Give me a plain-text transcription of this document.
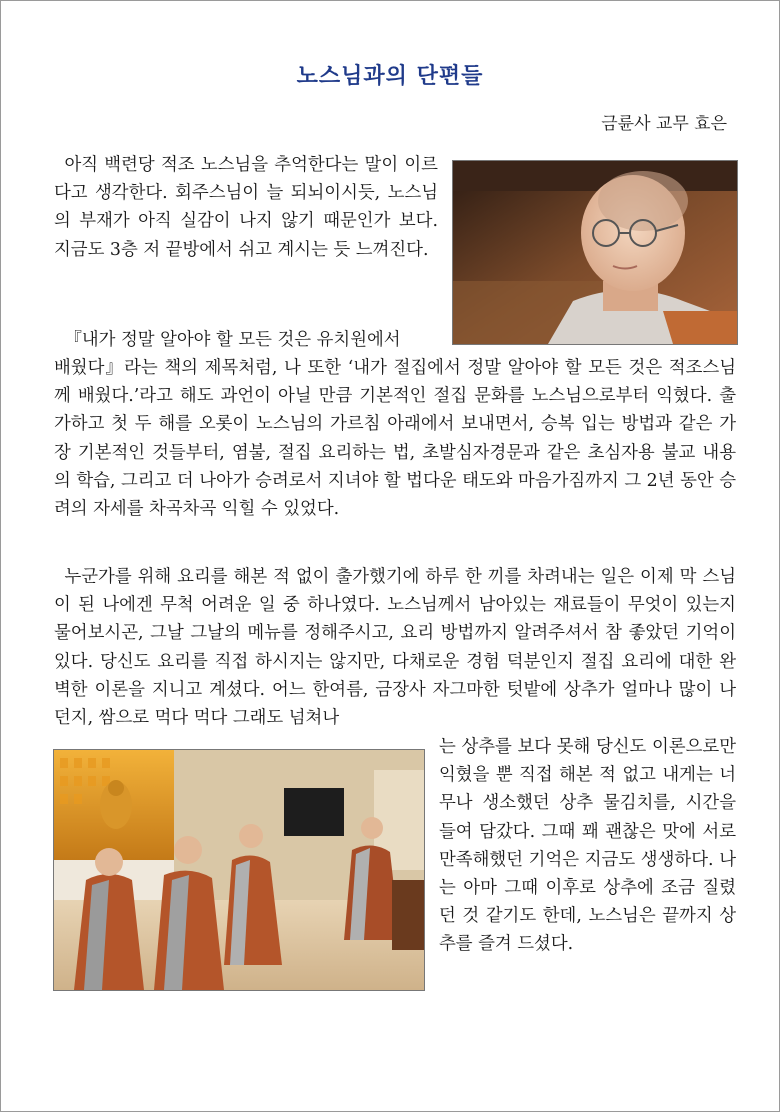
노스님과의 단편들
금륜사 교무 효은

아직 백련당 적조 노스님을 추억한다는 말이 이르다고 생각한다. 회주스님이 늘 되뇌이시듯, 노스님의 부재가 아직 실감이 나지 않기 때문인가 보다. 지금도 3층 저 끝방에서 쉬고 계시는 듯 느껴진다.

『내가 정말 알아야 할 모든 것은 유치원에서

배웠다』라는 책의 제목처럼, 나 또한 ‘내가 절집에서 정말 알아야 할 모든 것은 적조스님께 배웠다.’라고 해도 과언이 아닐 만큼 기본적인 절집 문화를 노스님으로부터 익혔다. 출가하고 첫 두 해를 오롯이 노스님의 가르침 아래에서 보내면서, 승복 입는 방법과 같은 가장 기본적인 것들부터, 염불, 절집 요리하는 법, 초발심자경문과 같은 초심자용 불교 내용의 학습, 그리고 더 나아가 승려로서 지녀야 할 법다운 태도와 마음가짐까지 그 2년 동안 승려의 자세를 차곡차곡 익힐 수 있었다.

누군가를 위해 요리를 해본 적 없이 출가했기에 하루 한 끼를 차려내는 일은 이제 막 스님이 된 나에겐 무척 어려운 일 중 하나였다. 노스님께서 남아있는 재료들이 무엇이 있는지 물어보시곤, 그날 그날의 메뉴를 정해주시고, 요리 방법까지 알려주셔서 참 좋았던 기억이 있다. 당신도 요리를 직접 하시지는 않지만, 다채로운 경험 덕분인지 절집 요리에 대한 완벽한 이론을 지니고 계셨다. 어느 한여름, 금장사 자그마한 텃밭에 상추가 얼마나 많이 나던지, 쌈으로 먹다 먹다 그래도 넘쳐나

는 상추를 보다 못해 당신도 이론으로만 익혔을 뿐 직접 해본 적 없고 내게는 너무나 생소했던 상추 물김치를, 시간을 들여 담갔다. 그때 꽤 괜찮은 맛에 서로 만족해했던 기억은 지금도 생생하다. 나는 아마 그때 이후로 상추에 조금 질렸던 것 같기도 한데, 노스님은 끝까지 상추를 즐겨 드셨다.
